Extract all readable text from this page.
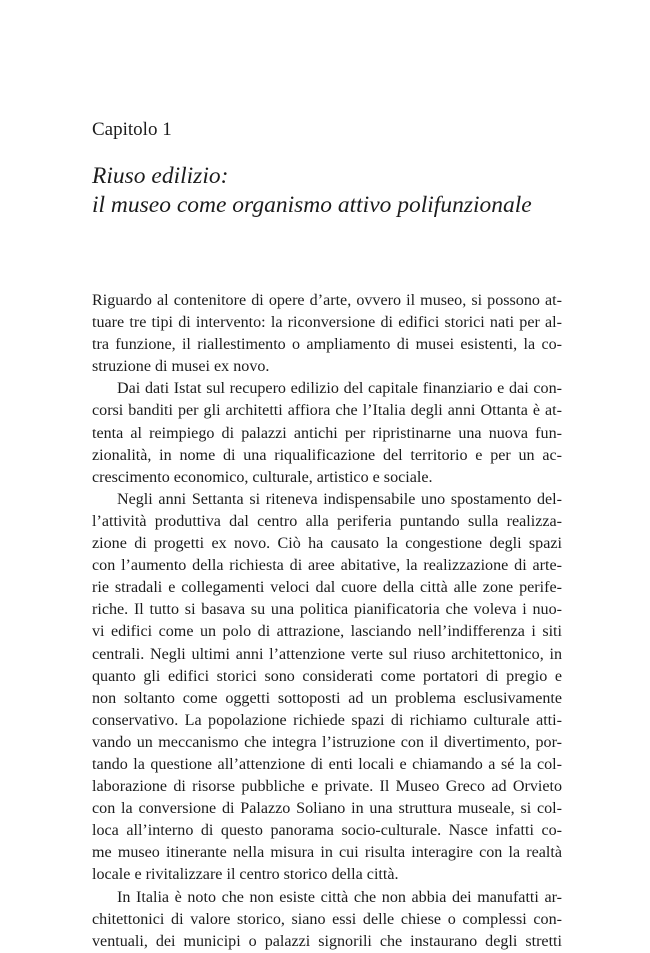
Capitolo 1
Riuso edilizio:
il museo come organismo attivo polifunzionale

Riguardo al contenitore di opere d’arte, ovvero il museo, si possono at-
tuare tre tipi di intervento: la riconversione di edifici storici nati per al-
tra funzione, il riallestimento o ampliamento di musei esistenti, la co-
struzione di musei ex novo.

Dai dati Istat sul recupero edilizio del capitale finanziario e dai con-
corsi banditi per gli architetti affiora che l’Italia degli anni Ottanta è at-
tenta al reimpiego di palazzi antichi per ripristinarne una nuova fun-
zionalità, in nome di una riqualificazione del territorio e per un ac-
crescimento economico, culturale, artistico e sociale.

Negli anni Settanta si riteneva indispensabile uno spostamento del-
l’attività produttiva dal centro alla periferia puntando sulla realizza-
zione di progetti ex novo. Ciò ha causato la congestione degli spazi
con l’aumento della richiesta di aree abitative, la realizzazione di arte-
rie stradali e collegamenti veloci dal cuore della città alle zone perife-
riche. Il tutto si basava su una politica pianificatoria che voleva i nuo-
vi edifici come un polo di attrazione, lasciando nell’indifferenza i siti
centrali. Negli ultimi anni l’attenzione verte sul riuso architettonico, in
quanto gli edifici storici sono considerati come portatori di pregio e
non soltanto come oggetti sottoposti ad un problema esclusivamente
conservativo. La popolazione richiede spazi di richiamo culturale atti-
vando un meccanismo che integra l’istruzione con il divertimento, por-
tando la questione all’attenzione di enti locali e chiamando a sé la col-
laborazione di risorse pubbliche e private. Il Museo Greco ad Orvieto
con la conversione di Palazzo Soliano in una struttura museale, si col-
loca all’interno di questo panorama socio-culturale. Nasce infatti co-
me museo itinerante nella misura in cui risulta interagire con la realtà
locale e rivitalizzare il centro storico della città.

In Italia è noto che non esiste città che non abbia dei manufatti ar-
chitettonici di valore storico, siano essi delle chiese o complessi con-
ventuali, dei municipi o palazzi signorili che instaurano degli stretti
